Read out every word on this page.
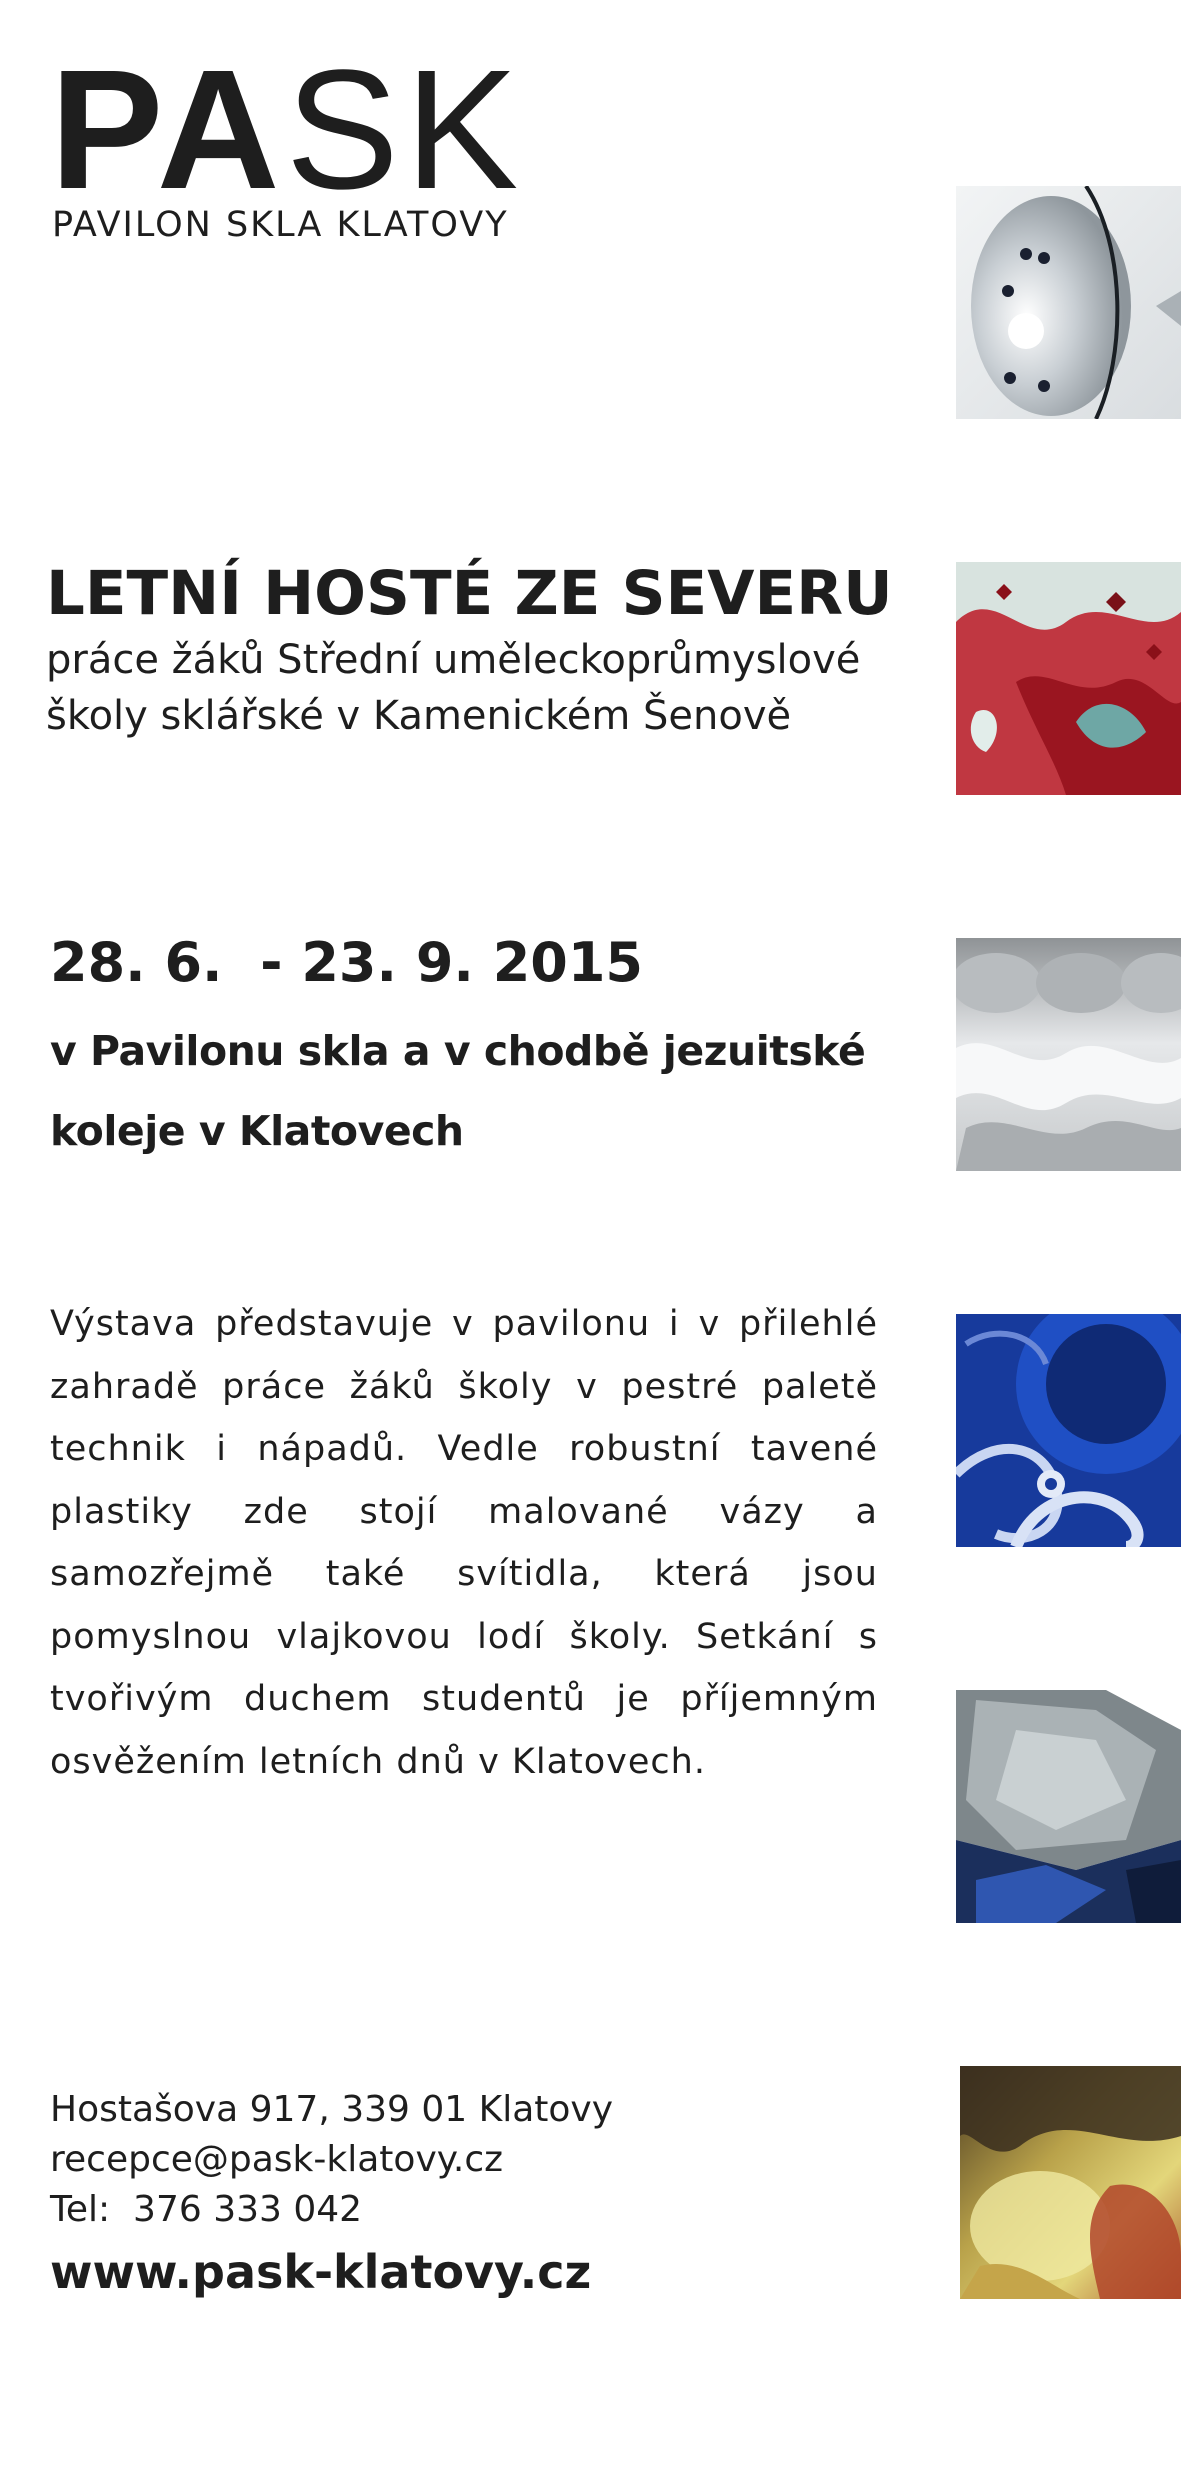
PASK
PAVILON SKLA KLATOVY
LETNÍ HOSTÉ ZE SEVERU

práce žáků Střední uměleckoprůmyslové školy sklářské v Kamenickém Šenově

28. 6.  - 23. 9. 2015

v Pavilonu skla a v chodbě jezuitské koleje v Klatovech

Výstava představuje v pavilonu i v přilehlé zahradě práce žáků školy v pestré paletě technik i nápadů. Vedle robustní tavené plastiky zde stojí malované vázy a samozřejmě také svítidla, která jsou pomyslnou vlajkovou lodí školy. Setkání s tvořivým duchem studentů je příjemným osvěžením letních dnů v Klatovech.

Hostašova 917, 339 01 Klatovy
recepce@pask-klatovy.cz
Tel:  376 333 042
www.pask-klatovy.cz
